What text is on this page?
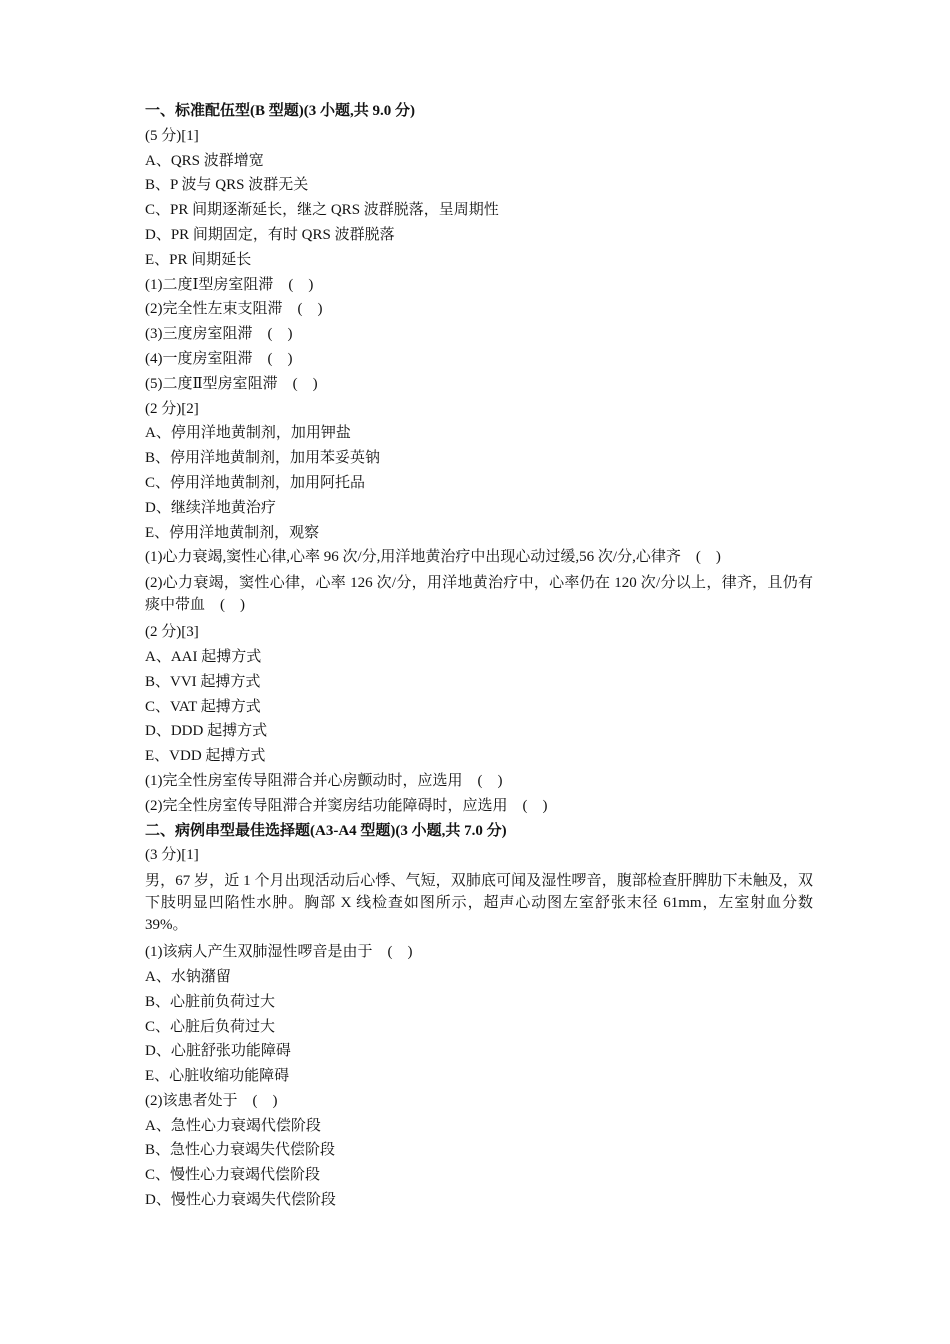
一、标准配伍型(B 型题)(3 小题,共 9.0 分)
(5 分)[1]
A、QRS 波群增宽
B、P 波与 QRS 波群无关
C、PR 间期逐渐延长，继之 QRS 波群脱落，呈周期性
D、PR 间期固定，有时 QRS 波群脱落
E、PR 间期延长
(1)二度Ⅰ型房室阻滞　(　)
(2)完全性左束支阻滞　(　)
(3)三度房室阻滞　(　)
(4)一度房室阻滞　(　)
(5)二度Ⅱ型房室阻滞　(　)
(2 分)[2]
A、停用洋地黄制剂，加用钾盐
B、停用洋地黄制剂，加用苯妥英钠
C、停用洋地黄制剂，加用阿托品
D、继续洋地黄治疗
E、停用洋地黄制剂，观察
(1)心力衰竭,窦性心律,心率 96 次/分,用洋地黄治疗中出现心动过缓,56 次/分,心律齐　(　)
(2)心力衰竭，窦性心律，心率 126 次/分，用洋地黄治疗中，心率仍在 120 次/分以上，律齐，且仍有痰中带血　(　)
(2 分)[3]
A、AAI 起搏方式
B、VVI 起搏方式
C、VAT 起搏方式
D、DDD 起搏方式
E、VDD 起搏方式
(1)完全性房室传导阻滞合并心房颤动时，应选用　(　)
(2)完全性房室传导阻滞合并窦房结功能障碍时，应选用　(　)
二、病例串型最佳选择题(A3-A4 型题)(3 小题,共 7.0 分)
(3 分)[1]
男，67 岁，近 1 个月出现活动后心悸、气短，双肺底可闻及湿性啰音，腹部检查肝脾肋下未触及，双下肢明显凹陷性水肿。胸部 X 线检查如图所示，超声心动图左室舒张末径 61mm，左室射血分数 39%。
(1)该病人产生双肺湿性啰音是由于　(　)
A、水钠潴留
B、心脏前负荷过大
C、心脏后负荷过大
D、心脏舒张功能障碍
E、心脏收缩功能障碍
(2)该患者处于　(　)
A、急性心力衰竭代偿阶段
B、急性心力衰竭失代偿阶段
C、慢性心力衰竭代偿阶段
D、慢性心力衰竭失代偿阶段
